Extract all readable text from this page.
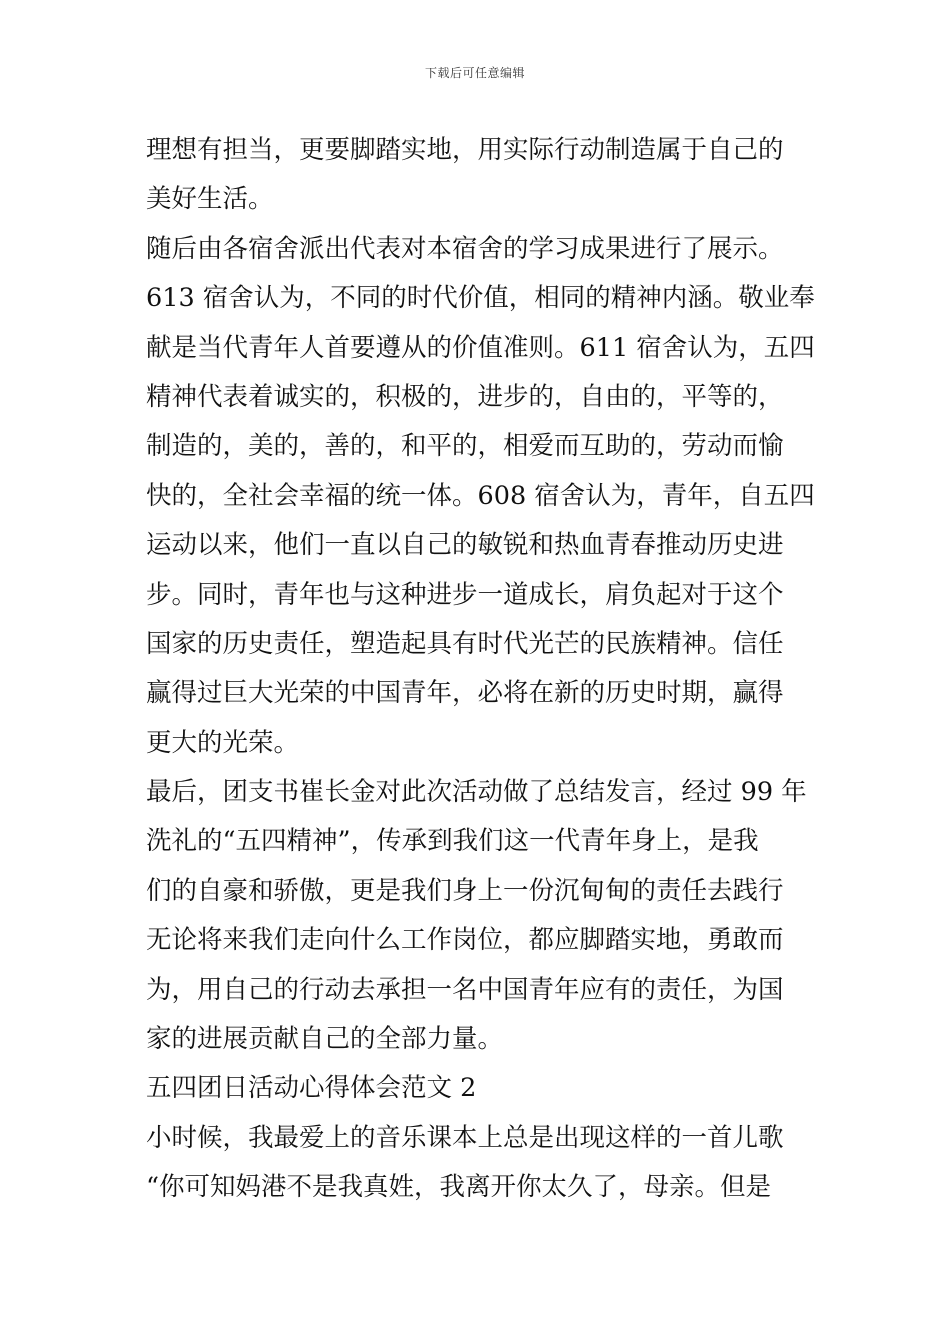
下载后可任意编辑
理想有担当，更要脚踏实地，用实际行动制造属于自己的
美好生活。
随后由各宿舍派出代表对本宿舍的学习成果进行了展示。
613 宿舍认为，不同的时代价值，相同的精神内涵。敬业奉
献是当代青年人首要遵从的价值准则。611 宿舍认为，五四
精神代表着诚实的，积极的，进步的，自由的，平等的，
制造的，美的，善的，和平的，相爱而互助的，劳动而愉
快的，全社会幸福的统一体。608 宿舍认为，青年，自五四
运动以来，他们一直以自己的敏锐和热血青春推动历史进
步。同时，青年也与这种进步一道成长，肩负起对于这个
国家的历史责任，塑造起具有时代光芒的民族精神。信任
赢得过巨大光荣的中国青年，必将在新的历史时期，赢得
更大的光荣。
最后，团支书崔长金对此次活动做了总结发言，经过 99 年
洗礼的“五四精神”，传承到我们这一代青年身上，是我
们的自豪和骄傲，更是我们身上一份沉甸甸的责任去践行
无论将来我们走向什么工作岗位，都应脚踏实地，勇敢而
为，用自己的行动去承担一名中国青年应有的责任，为国
家的进展贡献自己的全部力量。
五四团日活动心得体会范文 2
小时候，我最爱上的音乐课本上总是出现这样的一首儿歌
“你可知妈港不是我真姓，我离开你太久了，母亲。但是
